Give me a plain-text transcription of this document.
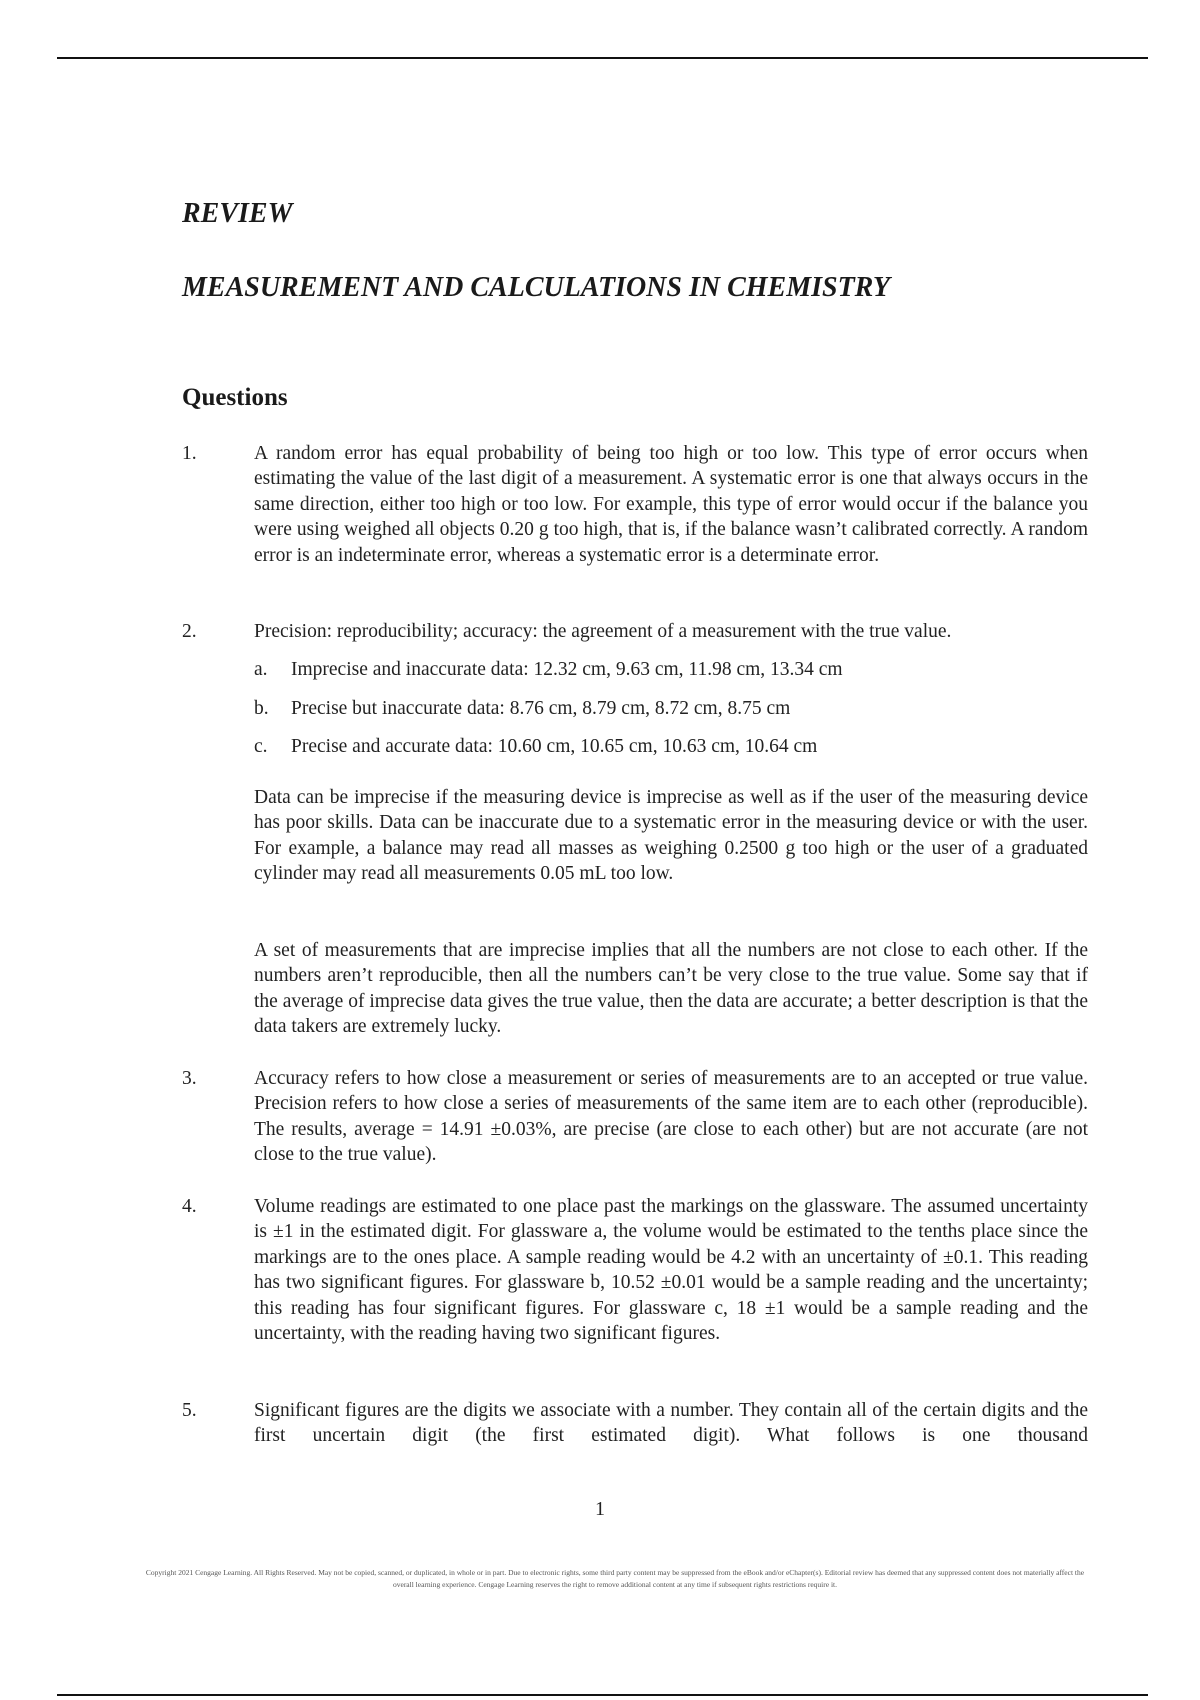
REVIEW
MEASUREMENT AND CALCULATIONS IN CHEMISTRY
Questions
1.	A random error has equal probability of being too high or too low. This type of error occurs when estimating the value of the last digit of a measurement. A systematic error is one that always occurs in the same direction, either too high or too low. For example, this type of error would occur if the balance you were using weighed all objects 0.20 g too high, that is, if the balance wasn’t calibrated correctly. A random error is an indeterminate error, whereas a systematic error is a determinate error.
2.	Precision: reproducibility; accuracy: the agreement of a measurement with the true value.
a. Imprecise and inaccurate data: 12.32 cm, 9.63 cm, 11.98 cm, 13.34 cm
b. Precise but inaccurate data: 8.76 cm, 8.79 cm, 8.72 cm, 8.75 cm
c. Precise and accurate data: 10.60 cm, 10.65 cm, 10.63 cm, 10.64 cm
Data can be imprecise if the measuring device is imprecise as well as if the user of the measuring device has poor skills. Data can be inaccurate due to a systematic error in the measuring device or with the user. For example, a balance may read all masses as weighing 0.2500 g too high or the user of a graduated cylinder may read all measurements 0.05 mL too low.
A set of measurements that are imprecise implies that all the numbers are not close to each other. If the numbers aren’t reproducible, then all the numbers can’t be very close to the true value. Some say that if the average of imprecise data gives the true value, then the data are accurate; a better description is that the data takers are extremely lucky.
3.	Accuracy refers to how close a measurement or series of measurements are to an accepted or true value. Precision refers to how close a series of measurements of the same item are to each other (reproducible). The results, average = 14.91 ±0.03%, are precise (are close to each other) but are not accurate (are not close to the true value).
4.	Volume readings are estimated to one place past the markings on the glassware. The assumed uncertainty is ±1 in the estimated digit. For glassware a, the volume would be estimated to the tenths place since the markings are to the ones place. A sample reading would be 4.2 with an uncertainty of ±0.1. This reading has two significant figures. For glassware b, 10.52 ±0.01 would be a sample reading and the uncertainty; this reading has four significant figures. For glassware c, 18 ±1 would be a sample reading and the uncertainty, with the reading having two significant figures.
5.	Significant figures are the digits we associate with a number. They contain all of the certain digits and the first uncertain digit (the first estimated digit). What follows is one thousand
1
Copyright 2021 Cengage Learning. All Rights Reserved. May not be copied, scanned, or duplicated, in whole or in part. Due to electronic rights, some third party content may be suppressed from the eBook and/or eChapter(s). Editorial review has deemed that any suppressed content does not materially affect the overall learning experience. Cengage Learning reserves the right to remove additional content at any time if subsequent rights restrictions require it.
